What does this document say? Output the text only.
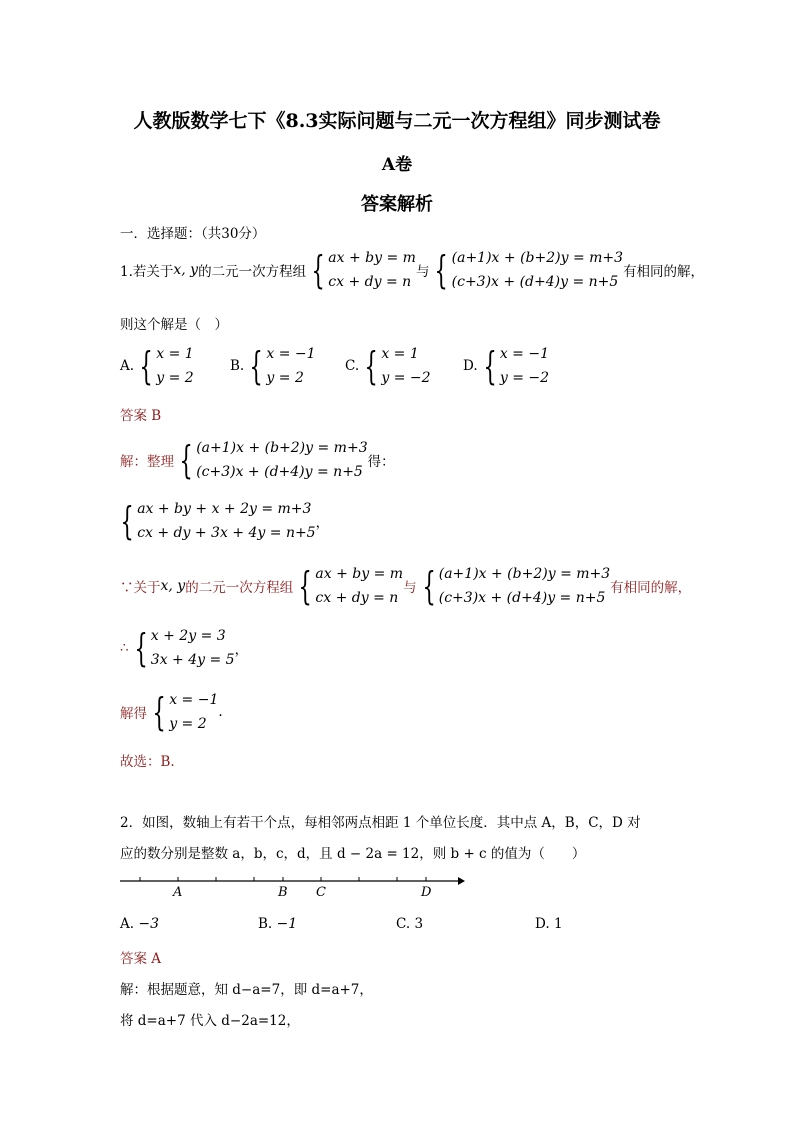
人教版数学七下《8.3实际问题与二元一次方程组》同步测试卷
A卷
答案解析
一．选择题：（共30分）
1.若关于 x, y 的二元一次方程组 { ax + by = m
cx + dy = n
与 { (a+1)x + (b+2)y = m+3
(c+3)x + (d+4)y = n+5
有相同的解，
则这个解是（　）
A. { x = 1
y = 2
B. { x = −1
y = 2
C. { x = 1
y = −2
D. { x = −1
y = −2
答案 B
解：整理 { (a+1)x + (b+2)y = m+3
(c+3)x + (d+4)y = n+5
得：
{ ax + by + x + 2y = m+3
cx + dy + 3x + 4y = n+5
，
∵关于 x, y 的二元一次方程组 { ax + by = m
cx + dy = n
与 { (a+1)x + (b+2)y = m+3
(c+3)x + (d+4)y = n+5
有相同的解，
∴ { x + 2y = 3
3x + 4y = 5
，
解得 { x = −1
y = 2
.
故选：B.
2．如图，数轴上有若干个点，每相邻两点相距 1 个单位长度．其中点 A，B，C，D 对
应的数分别是整数 a，b，c，d，且 d − 2a = 12，则 b + c 的值为（　　）
A	B C	D
A. −3	B. −1	C. 3	D. 1
答案 A
解：根据题意，知 d−a=7，即 d=a+7，
将 d=a+7 代入 d−2a=12，
